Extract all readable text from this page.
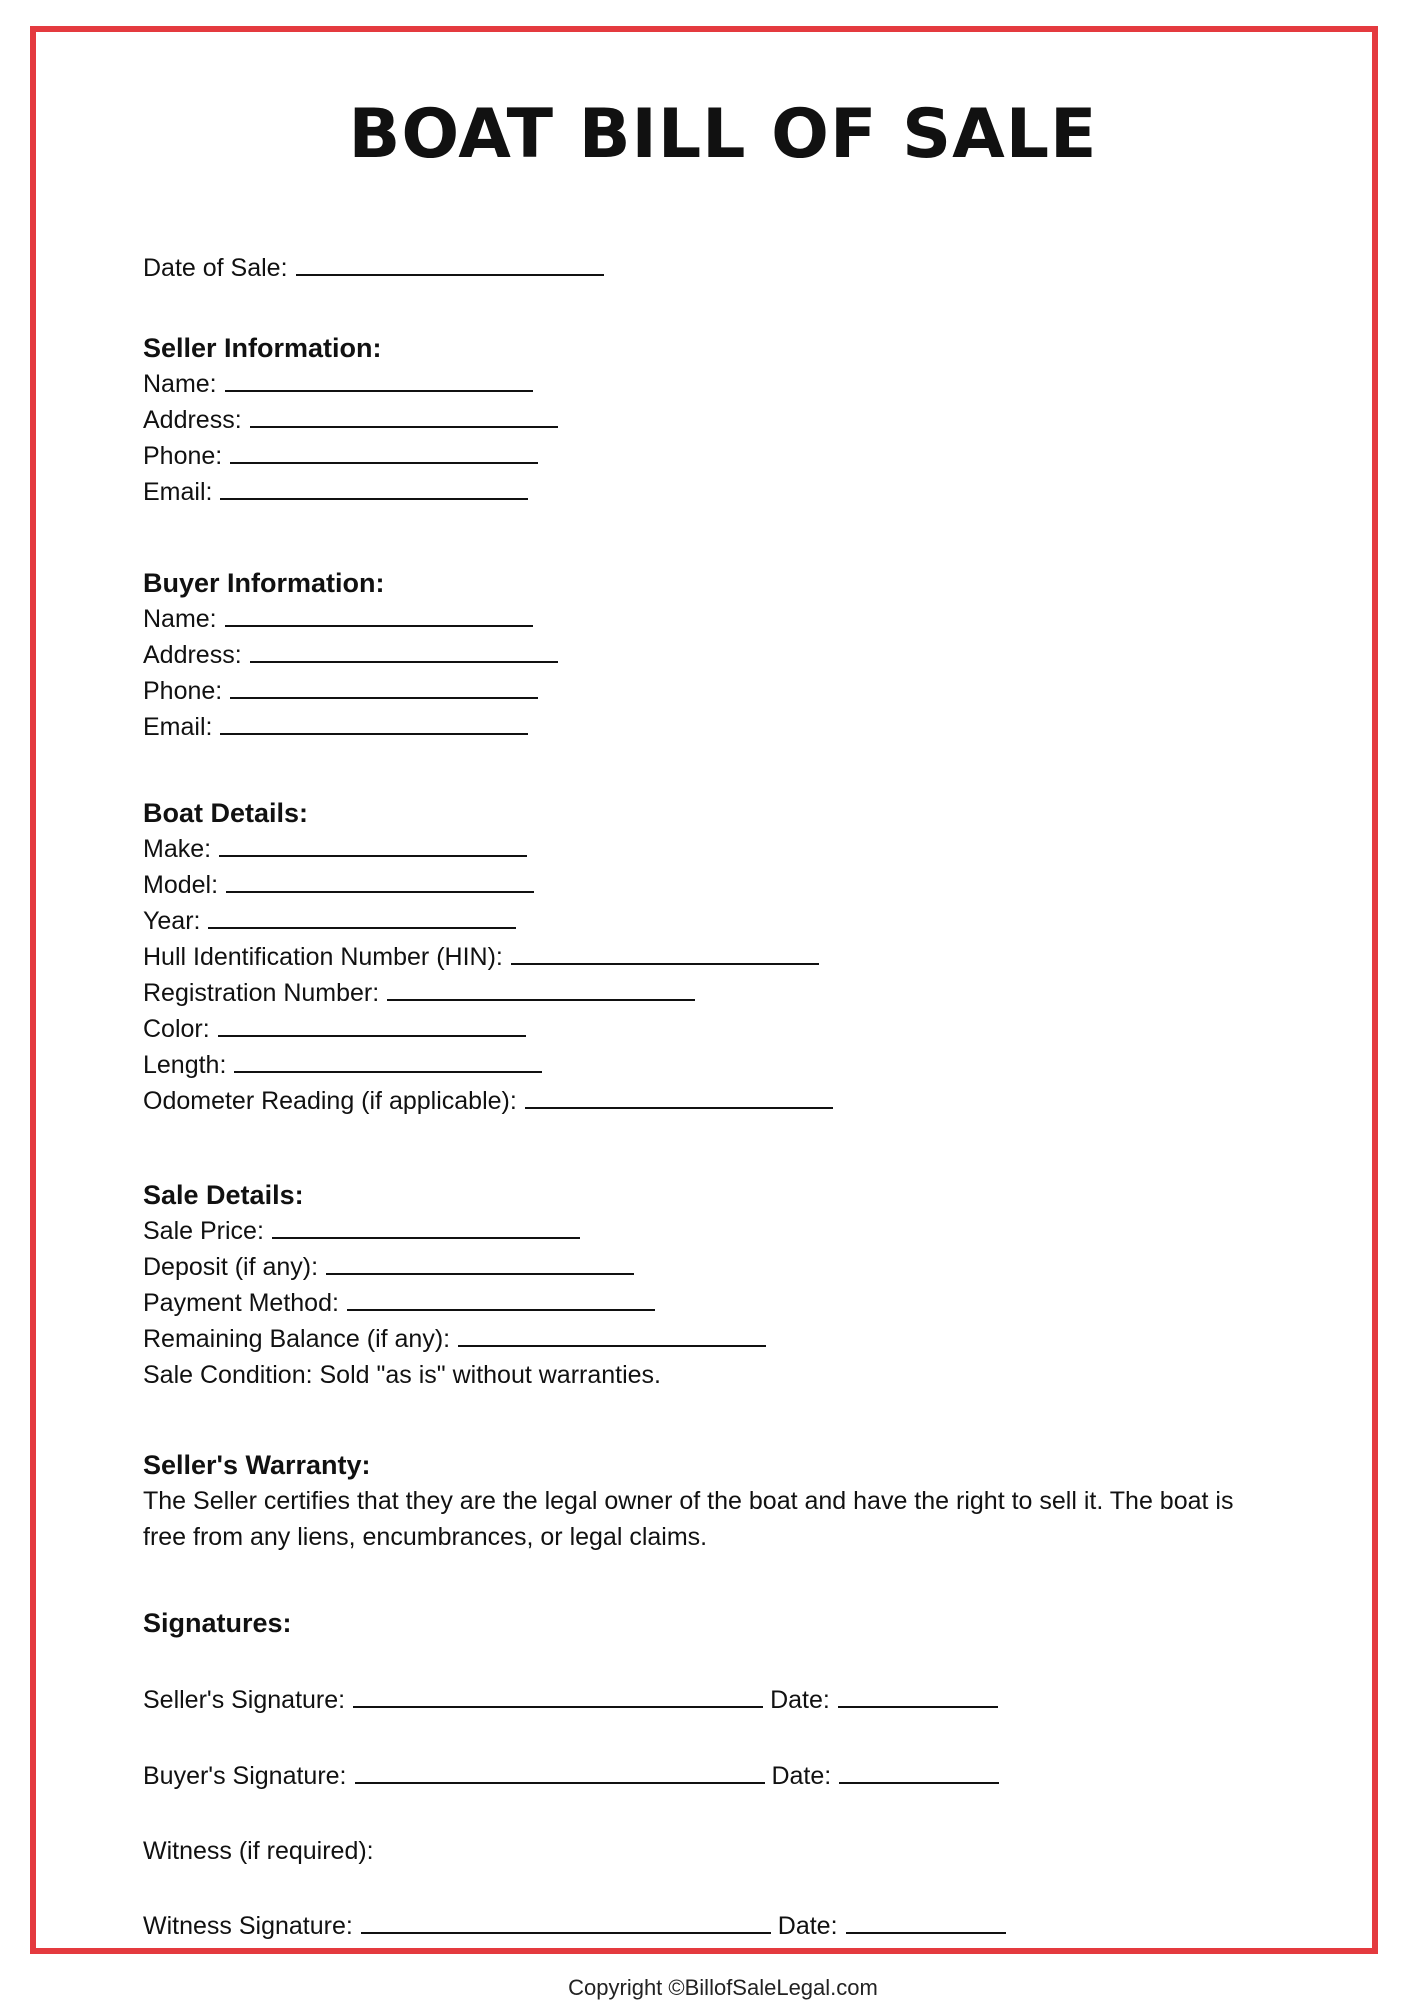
BOAT BILL OF SALE
Date of Sale:
Seller Information:
Name:
Address:
Phone:
Email:
Buyer Information:
Name:
Address:
Phone:
Email:
Boat Details:
Make:
Model:
Year:
Hull Identification Number (HIN):
Registration Number:
Color:
Length:
Odometer Reading (if applicable):
Sale Details:
Sale Price:
Deposit (if any):
Payment Method:
Remaining Balance (if any):
Sale Condition: Sold "as is" without warranties.
Seller's Warranty:

The Seller certifies that they are the legal owner of the boat and have the right to sell it. The boat is free from any liens, encumbrances, or legal claims.

Signatures:
Seller's Signature:	Date:
Buyer's Signature:	Date:
Witness (if required):
Witness Signature:	Date:
Copyright ©BillofSaleLegal.com
